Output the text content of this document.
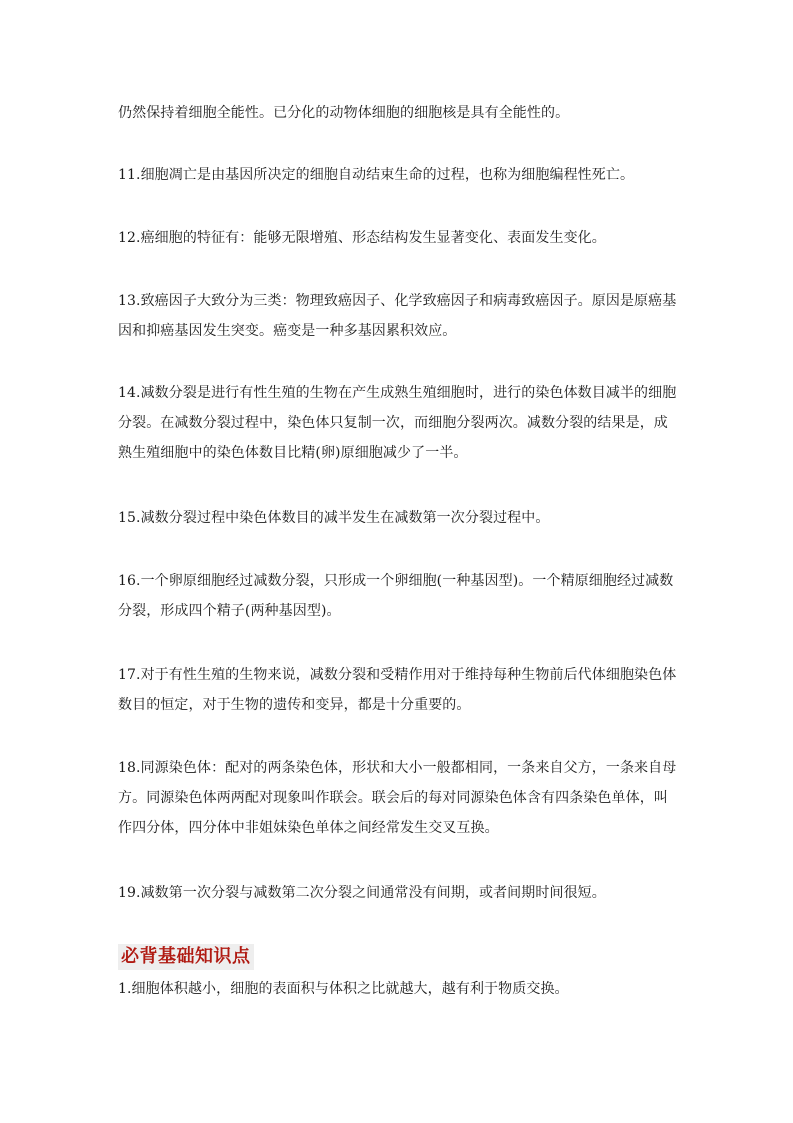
仍然保持着细胞全能性。已分化的动物体细胞的细胞核是具有全能性的。

11.细胞凋亡是由基因所决定的细胞自动结束生命的过程，也称为细胞编程性死亡。

12.癌细胞的特征有：能够无限增殖、形态结构发生显著变化、表面发生变化。

13.致癌因子大致分为三类：物理致癌因子、化学致癌因子和病毒致癌因子。原因是原癌基因和抑癌基因发生突变。癌变是一种多基因累积效应。

14.减数分裂是进行有性生殖的生物在产生成熟生殖细胞时，进行的染色体数目减半的细胞分裂。在减数分裂过程中，染色体只复制一次，而细胞分裂两次。减数分裂的结果是，成熟生殖细胞中的染色体数目比精(卵)原细胞减少了一半。

15.减数分裂过程中染色体数目的减半发生在减数第一次分裂过程中。

16.一个卵原细胞经过减数分裂，只形成一个卵细胞(一种基因型)。一个精原细胞经过减数分裂，形成四个精子(两种基因型)。

17.对于有性生殖的生物来说，减数分裂和受精作用对于维持每种生物前后代体细胞染色体数目的恒定，对于生物的遗传和变异，都是十分重要的。

18.同源染色体：配对的两条染色体，形状和大小一般都相同，一条来自父方，一条来自母方。同源染色体两两配对现象叫作联会。联会后的每对同源染色体含有四条染色单体，叫作四分体，四分体中非姐妹染色单体之间经常发生交叉互换。

19.减数第一次分裂与减数第二次分裂之间通常没有间期，或者间期时间很短。

必背基础知识点

1.细胞体积越小，细胞的表面积与体积之比就越大，越有利于物质交换。
